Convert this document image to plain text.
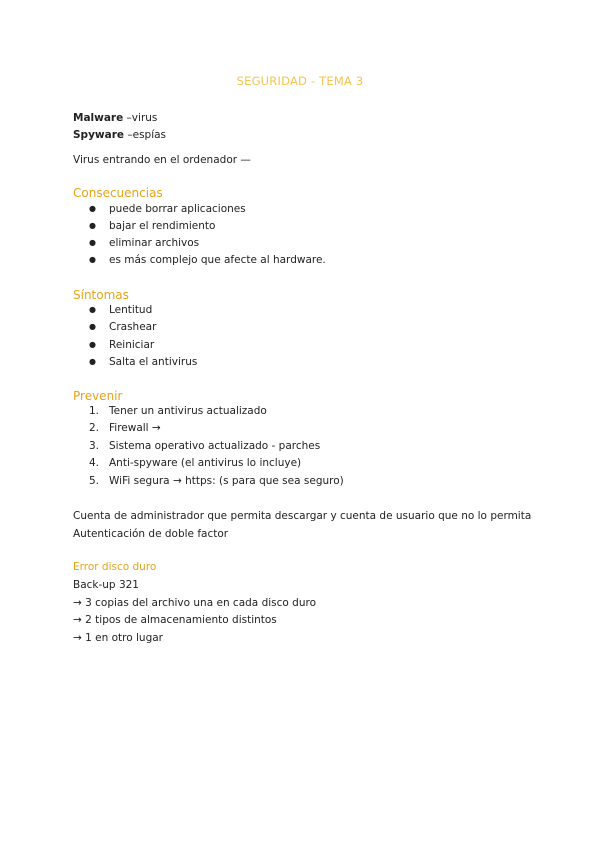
SEGURIDAD - TEMA 3
Malware –virus
Spyware –espías
Virus entrando en el ordenador —
Consecuencias
● puede borrar aplicaciones
● bajar el rendimiento
● eliminar archivos
● es más complejo que afecte al hardware.
Síntomas
● Lentitud
● Crashear
● Reiniciar
● Salta el antivirus
Prevenir
1. Tener un antivirus actualizado
2. Firewall →
3. Sistema operativo actualizado - parches
4. Anti-spyware (el antivirus lo incluye)
5. WiFi segura → https: (s para que sea seguro)
Cuenta de administrador que permita descargar y cuenta de usuario que no lo permita
Autenticación de doble factor
Error disco duro
Back-up 321
→ 3 copias del archivo una en cada disco duro
→ 2 tipos de almacenamiento distintos
→ 1 en otro lugar
